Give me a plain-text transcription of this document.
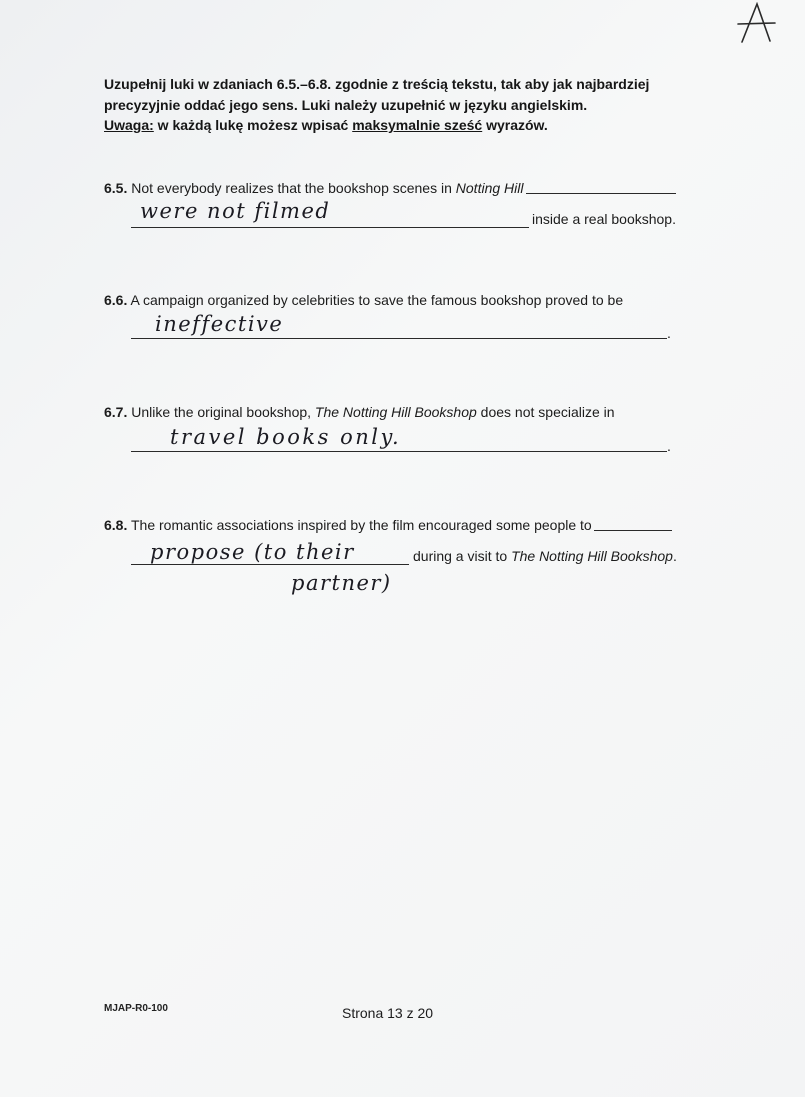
Uzupełnij luki w zdaniach 6.5.–6.8. zgodnie z treścią tekstu, tak aby jak najbardziej
precyzyjnie oddać jego sens. Luki należy uzupełnić w języku angielskim.
Uwaga: w każdą lukę możesz wpisać maksymalnie sześć wyrazów.
6.5. Not everybody realizes that the bookshop scenes in Notting Hill
were not filmed	inside a real bookshop.
6.6. A campaign organized by celebrities to save the famous bookshop proved to be
ineffective	.
6.7. Unlike the original bookshop, The Notting Hill Bookshop does not specialize in
travel books only.	.
6.8. The romantic associations inspired by the film encouraged some people to
propose (to their
partner)
during a visit to The Notting Hill Bookshop.
MJAP-R0-100	Strona 13 z 20
